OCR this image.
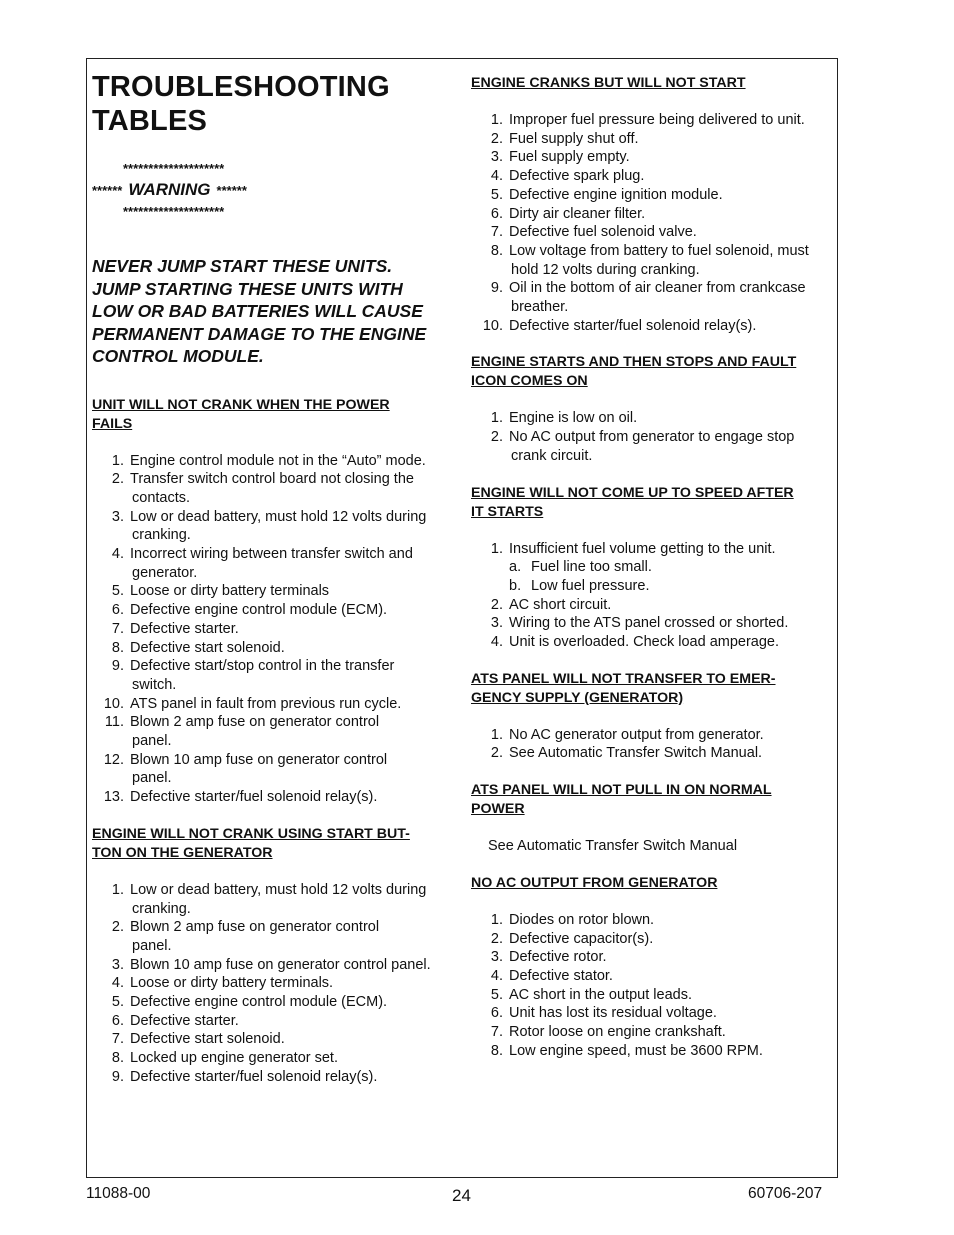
TROUBLESHOOTING
TABLES
********************
****** WARNING ******
********************
NEVER JUMP START THESE UNITS.
JUMP STARTING THESE UNITS WITH
LOW OR BAD BATTERIES WILL CAUSE
PERMANENT DAMAGE TO THE ENGINE
CONTROL MODULE.
UNIT WILL NOT CRANK WHEN THE POWER
FAILS
1. Engine control module not in the “Auto” mode.
2. Transfer switch control board not closing the
contacts.
3. Low or dead battery, must hold 12 volts during
cranking.
4. Incorrect wiring between transfer switch and
generator.
5. Loose or dirty battery terminals
6. Defective engine control module (ECM).
7. Defective starter.
8. Defective start solenoid.
9. Defective start/stop control in the transfer
switch.
10. ATS panel in fault from previous run cycle.
11. Blown 2 amp fuse on generator control
panel.
12. Blown 10 amp fuse on generator control
panel.
13. Defective starter/fuel solenoid relay(s).
ENGINE WILL NOT CRANK USING START BUT-
TON ON THE GENERATOR
1. Low or dead battery, must hold 12 volts during
cranking.
2. Blown 2 amp fuse on generator control
panel.
3. Blown 10 amp fuse on generator control panel.
4. Loose or dirty battery terminals.
5. Defective engine control module (ECM).
6. Defective starter.
7. Defective start solenoid.
8. Locked up engine generator set.
9. Defective starter/fuel solenoid relay(s).
ENGINE CRANKS BUT WILL NOT START
1. Improper fuel pressure being delivered to unit.
2. Fuel supply shut off.
3. Fuel supply empty.
4. Defective spark plug.
5. Defective engine ignition module.
6. Dirty air cleaner filter.
7. Defective fuel solenoid valve.
8. Low voltage from battery to fuel solenoid, must
hold 12 volts during cranking.
9. Oil in the bottom of air cleaner from crankcase
breather.
10. Defective starter/fuel solenoid relay(s).
ENGINE STARTS AND THEN STOPS AND FAULT
ICON COMES ON
1. Engine is low on oil.
2. No AC output from generator to engage stop
crank circuit.
ENGINE WILL NOT COME UP TO SPEED AFTER
IT STARTS
1. Insufficient fuel volume getting to the unit.
a. Fuel line too small.
b. Low fuel pressure.
2. AC short circuit.
3. Wiring to the ATS panel crossed or shorted.
4. Unit is overloaded. Check load amperage.
ATS PANEL WILL NOT TRANSFER TO EMER-
GENCY SUPPLY (GENERATOR)
1. No AC generator output from generator.
2. See Automatic Transfer Switch Manual.
ATS PANEL WILL NOT PULL IN ON NORMAL
POWER
See Automatic Transfer Switch Manual
NO AC OUTPUT FROM GENERATOR
1. Diodes on rotor blown.
2. Defective capacitor(s).
3. Defective rotor.
4. Defective stator.
5. AC short in the output leads.
6. Unit has lost its residual voltage.
7. Rotor loose on engine crankshaft.
8. Low engine speed, must be 3600 RPM.
11088-00	24	60706-207
